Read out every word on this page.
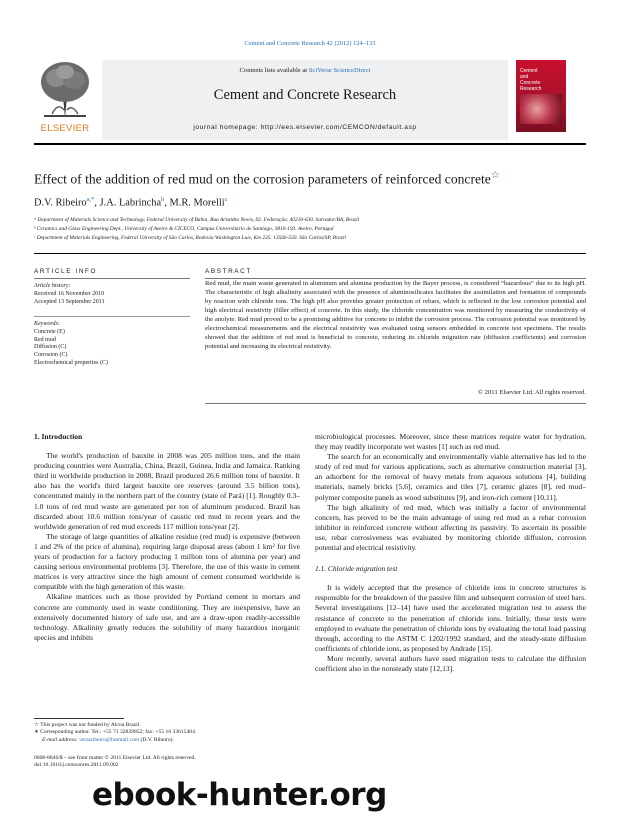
Cement and Concrete Research 42 (2012) 124–133
ELSEVIER
Contents lists available at SciVerse ScienceDirect
Cement and Concrete Research
journal homepage: http://ees.elsevier.com/CEMCON/default.asp
Cement
and
Concrete
Research
Effect of the addition of red mud on the corrosion parameters of reinforced concrete☆
D.V. Ribeiro$^{a,*}$, J.A. Labrincha$^b$, M.R. Morelli$^c$
ᵃ Department of Materials Science and Technology, Federal University of Bahia, Rua Aristides Novis, 02. Federação. 40210-630. Salvador/BA, Brazil
ᵇ Ceramics and Glass Engineering Dept., University of Aveiro & CICECO, Campus Universitário de Santiago, 3810-193. Aveiro, Portugal
ᶜ Department of Materials Engineering, Federal University of São Carlos, Rodovia Washington Luis, Km 235. 13566-550. São Carlos/SP, Brazil
ARTICLE INFO
Article history:
Received 16 November 2010
Accepted 13 September 2011
Keywords:
Concrete (E)
Red mud
Diffusion (C)
Corrosion (C)
Electrochemical properties (C)
ABSTRACT
Red mud, the main waste generated in aluminum and alumina production by the Bayer process, is considered “hazardous” due to its high pH. The characteristic of high alkalinity associated with the presence of aluminosilicates facilitates the assimilation and formation of compounds by reaction with chloride ions. The high pH also provides greater protection of rebars, which is reflected in the low corrosion potential and high electrical resistivity (filler effect) of concrete. In this study, the chloride concentration was monitored by measuring the conductivity of the anolyte. Red mud proved to be a promising additive for concrete to inhibit the corrosion process. The corrosion potential was monitored by electrochemical measurements and the electrical resistivity was evaluated using sensors embedded in concrete test specimens. The results showed that the addition of red mud is beneficial to concrete, reducing its chloride migration rate (diffusion coefficients) and corrosion potential and increasing its electrical resistivity.
© 2011 Elsevier Ltd. All rights reserved.
1. Introduction

The world's production of bauxite in 2008 was 205 million tons, and the main producing countries were Australia, China, Brazil, Guinea, India and Jamaica. Ranking third in worldwide production in 2008, Brazil produced 26.6 million tons of bauxite. It also has the world's third largest bauxite ore reserves (around 3.5 billion tons), concentrated mainly in the northern part of the country (state of Pará) [1]. Roughly 0.3–1.0 tons of red mud waste are generated per ton of aluminum produced. Brazil has discarded about 10.6 million tons/year of caustic red mud in recent years and the worldwide generation of red mud exceeds 117 million tons/year [2].

The storage of large quantities of alkaline residue (red mud) is expensive (between 1 and 2% of the price of alumina), requiring large disposal areas (about 1 km² for five years of production for a factory producing 1 million tons of alumina per year) and causing serious environmental problems [3]. Therefore, the use of this waste in cement matrices is very attractive since the high amount of cement consumed worldwide is compatible with the high generation of this waste.

Alkaline matrices such as those provided by Portland cement in mortars and concrete are commonly used in waste conditioning. They are inexpensive, have an extensively documented history of safe use, and are a draw-upon readily-accessible technology. Alkalinity greatly reduces the solubility of many hazardous inorganic species and inhibits

microbiological processes. Moreover, since these matrices require water for hydration, they may readily incorporate wet wastes [1] such as red mud.

The search for an economically and environmentally viable alternative has led to the study of red mud for various applications, such as alternative construction material [3], an adsorbent for the removal of heavy metals from aqueous solutions [4], building materials, namely bricks [5,6], ceramics and tiles [7], ceramic glazes [8], red mud–polymer composite panels as wood substitutes [9], and iron-rich cement [10,11].

The high alkalinity of red mud, which was initially a factor of environmental concern, has proved to be the main advantage of using red mud as a rebar corrosion inhibitor in reinforced concrete without affecting its passivity. To ascertain its possible use, rebar corrosiveness was evaluated by monitoring chloride diffusion, corrosion potential and electrical resistivity.

1.1. Chloride migration test

It is widely accepted that the presence of chloride ions in concrete structures is responsible for the breakdown of the passive film and subsequent corrosion of steel bars. Several investigations [12–14] have used the accelerated migration test to assess the resistance of concrete to the penetration of chloride ions. Initially, these tests were employed to evaluate the penetration of chloride ions by evaluating the total load passing through, according to the ASTM C 1202/1992 standard, and the steady-state diffusion coefficients of chloride ions, as proposed by Andrade [15].

More recently, several authors have used migration tests to calculate the diffusion coefficient also in the nonsteady state [12,13].

☆ This project was not funded by Alcoa Brazil.
∗ Corresponding author. Tel.: +55 71 32839852; fax: +55 16 33615404.
E-mail address: verasribeiro@hotmail.com (D.V. Ribeiro).
0008-8846/$ – see front matter © 2011 Elsevier Ltd. All rights reserved.
doi:10.1016/j.cemconres.2011.09.002
ebook-hunter.org
